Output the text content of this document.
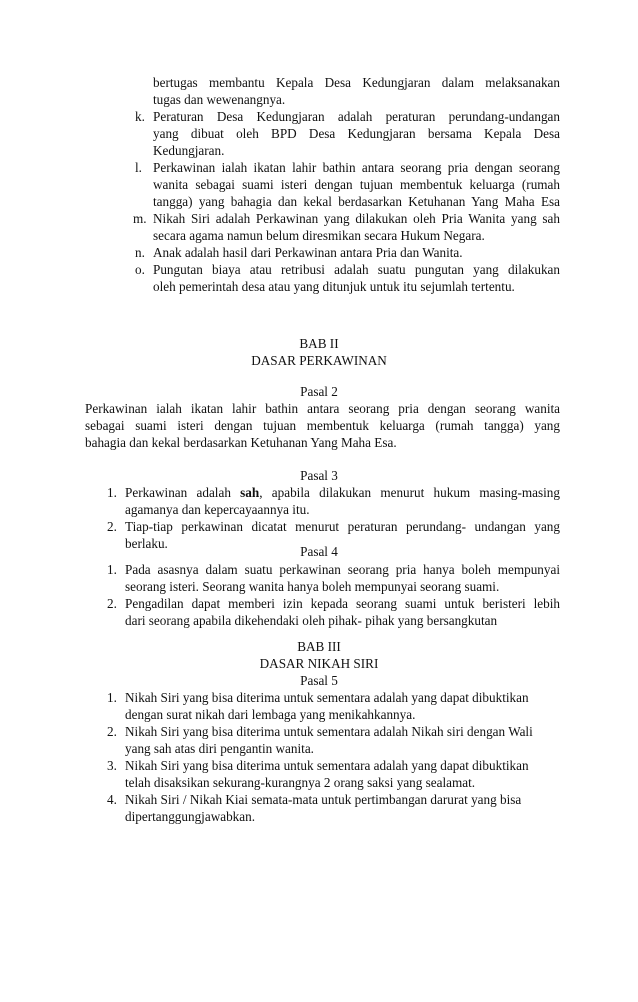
bertugas membantu Kepala Desa Kedungjaran dalam melaksanakan
tugas dan wewenangnya.
k. Peraturan Desa Kedungjaran adalah peraturan perundang-undangan
yang dibuat oleh BPD Desa Kedungjaran bersama Kepala Desa
Kedungjaran.
l. Perkawinan ialah ikatan lahir bathin antara seorang pria dengan seorang
wanita sebagai suami isteri dengan tujuan membentuk keluarga (rumah
tangga) yang bahagia dan kekal berdasarkan Ketuhanan Yang Maha Esa
m. Nikah Siri adalah Perkawinan yang dilakukan oleh Pria Wanita yang sah
secara agama namun belum diresmikan secara Hukum Negara.
n. Anak adalah hasil dari Perkawinan antara Pria dan Wanita.
o. Pungutan biaya atau retribusi adalah suatu pungutan yang dilakukan
oleh pemerintah desa atau yang ditunjuk untuk itu sejumlah tertentu.
BAB II
DASAR PERKAWINAN
Pasal 2
Perkawinan ialah ikatan lahir bathin antara seorang pria dengan seorang wanita
sebagai suami isteri dengan tujuan membentuk keluarga (rumah tangga) yang
bahagia dan kekal berdasarkan Ketuhanan Yang Maha Esa.
Pasal 3
1. Perkawinan adalah sah, apabila dilakukan menurut hukum masing-masing
agamanya dan kepercayaannya itu.
2. Tiap-tiap perkawinan dicatat menurut peraturan perundang- undangan yang
berlaku.
Pasal 4
1. Pada asasnya dalam suatu perkawinan seorang pria hanya boleh mempunyai
seorang isteri. Seorang wanita hanya boleh mempunyai seorang suami.
2. Pengadilan dapat memberi izin kepada seorang suami untuk beristeri lebih
dari seorang apabila dikehendaki oleh pihak- pihak yang bersangkutan
BAB III
DASAR NIKAH SIRI
Pasal 5
1. Nikah Siri yang bisa diterima untuk sementara adalah yang dapat dibuktikan
dengan surat nikah dari lembaga yang menikahkannya.
2. Nikah Siri yang bisa diterima untuk sementara adalah Nikah siri dengan Wali
yang sah atas diri pengantin wanita.
3. Nikah Siri yang bisa diterima untuk sementara adalah yang dapat dibuktikan
telah disaksikan sekurang-kurangnya 2 orang saksi yang sealamat.
4. Nikah Siri / Nikah Kiai semata-mata untuk pertimbangan darurat yang bisa
dipertanggungjawabkan.
